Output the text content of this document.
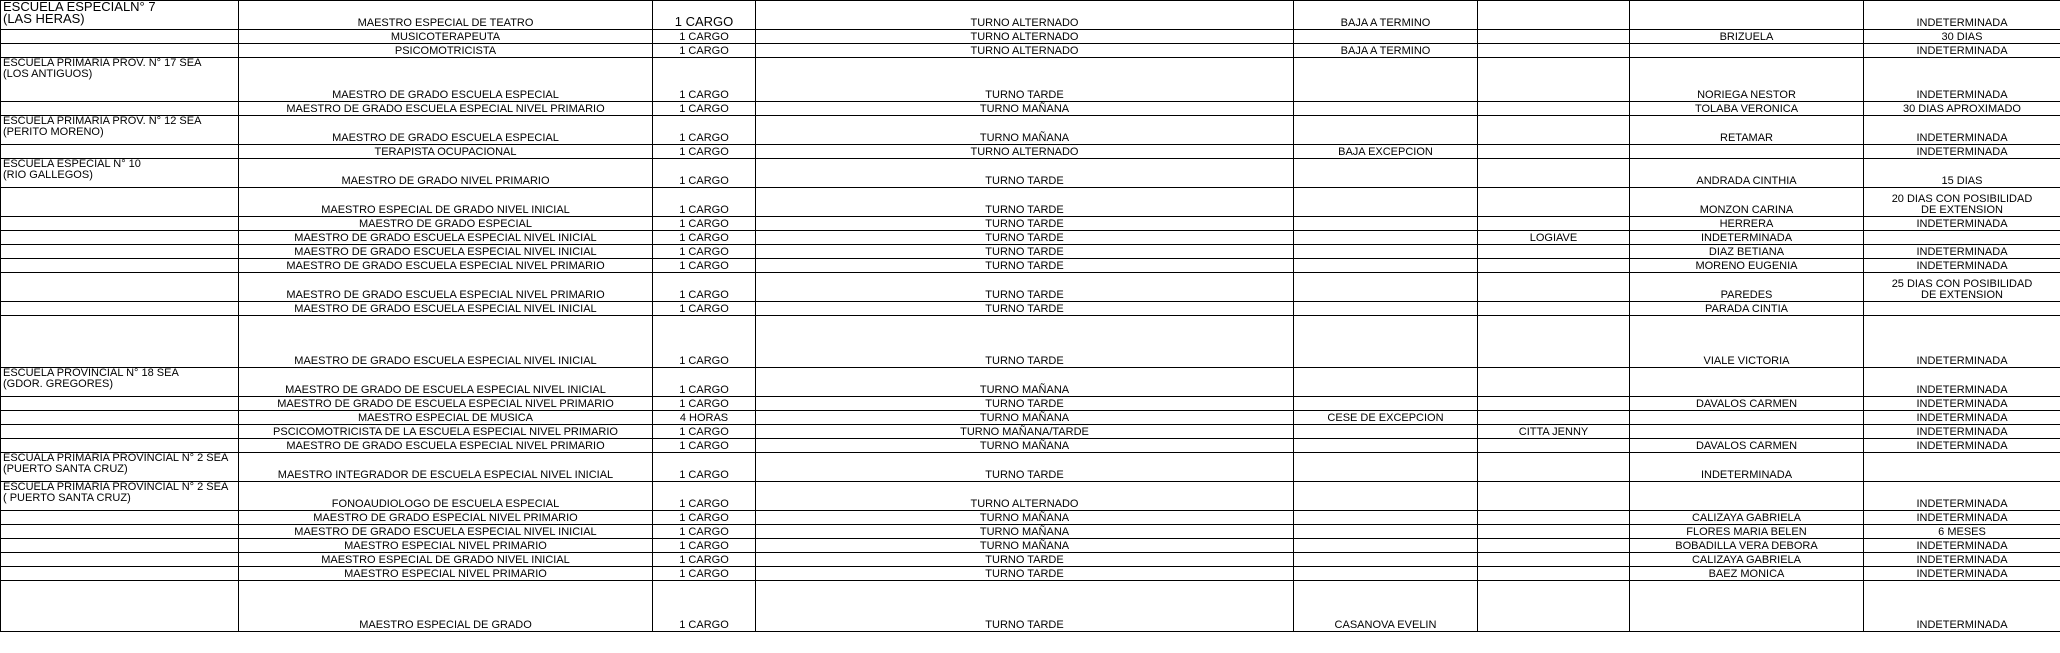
ESCUELA ESPECIALN° 7
(LAS HERAS)	MAESTRO ESPECIAL DE TEATRO	1 CARGO	TURNO ALTERNADO	BAJA A TERMINO			INDETERMINADA

	MUSICOTERAPEUTA	1 CARGO	TURNO ALTERNADO			BRIZUELA	30 DIAS

	PSICOMOTRICISTA	1 CARGO	TURNO ALTERNADO	BAJA A TERMINO			INDETERMINADA

ESCUELA PRIMARIA PROV. N° 17 SEA
(LOS ANTIGUOS)	MAESTRO DE GRADO ESCUELA ESPECIAL	1 CARGO	TURNO TARDE			NORIEGA NESTOR	INDETERMINADA

	MAESTRO DE GRADO ESCUELA ESPECIAL NIVEL PRIMARIO	1 CARGO	TURNO MAÑANA			TOLABA VERONICA	30 DIAS APROXIMADO

ESCUELA PRIMARIA PROV. N° 12 SEA
(PERITO MORENO)	MAESTRO DE GRADO ESCUELA ESPECIAL	1 CARGO	TURNO MAÑANA			RETAMAR	INDETERMINADA

	TERAPISTA OCUPACIONAL	1 CARGO	TURNO ALTERNADO	BAJA EXCEPCION			INDETERMINADA

ESCUELA ESPECIAL N° 10
(RIO GALLEGOS)	MAESTRO DE GRADO NIVEL PRIMARIO	1 CARGO	TURNO TARDE			ANDRADA CINTHIA	15 DIAS

	MAESTRO ESPECIAL DE GRADO NIVEL INICIAL	1 CARGO	TURNO TARDE			MONZON CARINA	20 DIAS CON POSIBILIDAD
DE EXTENSION

	MAESTRO DE GRADO ESPECIAL	1 CARGO	TURNO TARDE			HERRERA	INDETERMINADA

	MAESTRO DE GRADO ESCUELA ESPECIAL NIVEL INICIAL	1 CARGO	TURNO TARDE		LOGIAVE	INDETERMINADA	

	MAESTRO DE GRADO ESCUELA ESPECIAL NIVEL INICIAL	1 CARGO	TURNO TARDE			DIAZ BETIANA	INDETERMINADA

	MAESTRO DE GRADO ESCUELA ESPECIAL NIVEL PRIMARIO	1 CARGO	TURNO TARDE			MORENO EUGENIA	INDETERMINADA

	MAESTRO DE GRADO ESCUELA ESPECIAL NIVEL PRIMARIO	1 CARGO	TURNO TARDE			PAREDES	25 DIAS CON POSIBILIDAD
DE EXTENSION

	MAESTRO DE GRADO ESCUELA ESPECIAL NIVEL INICIAL	1 CARGO	TURNO TARDE			PARADA CINTIA	

	MAESTRO DE GRADO ESCUELA ESPECIAL NIVEL INICIAL	1 CARGO	TURNO TARDE			VIALE VICTORIA	INDETERMINADA

ESCUELA PROVINCIAL N° 18 SEA
(GDOR. GREGORES)	MAESTRO DE GRADO DE ESCUELA ESPECIAL NIVEL INICIAL	1 CARGO	TURNO MAÑANA				INDETERMINADA

	MAESTRO DE GRADO DE ESCUELA ESPECIAL NIVEL PRIMARIO	1 CARGO	TURNO TARDE			DAVALOS CARMEN	INDETERMINADA

	MAESTRO ESPECIAL DE MUSICA	4 HORAS	TURNO MAÑANA	CESE DE EXCEPCION			INDETERMINADA

	PSCICOMOTRICISTA DE LA ESCUELA ESPECIAL NIVEL PRIMARIO	1 CARGO	TURNO MAÑANA/TARDE		CITTA JENNY		INDETERMINADA

	MAESTRO DE GRADO ESCUELA ESPECIAL NIVEL PRIMARIO	1 CARGO	TURNO MAÑANA			DAVALOS CARMEN	INDETERMINADA

ESCUALA PRIMARIA PROVINCIAL N° 2 SEA
(PUERTO SANTA CRUZ)	MAESTRO INTEGRADOR DE ESCUELA ESPECIAL NIVEL INICIAL	1 CARGO	TURNO TARDE			INDETERMINADA	

ESCUELA PRIMARIA PROVINCIAL N° 2 SEA
( PUERTO SANTA CRUZ)	FONOAUDIOLOGO DE ESCUELA ESPECIAL	1 CARGO	TURNO ALTERNADO				INDETERMINADA

	MAESTRO DE GRADO ESPECIAL NIVEL PRIMARIO	1 CARGO	TURNO MAÑANA			CALIZAYA GABRIELA	INDETERMINADA

	MAESTRO DE GRADO ESCUELA ESPECIAL NIVEL INICIAL	1 CARGO	TURNO MAÑANA			FLORES MARIA BELEN	6 MESES

	MAESTRO ESPECIAL NIVEL PRIMARIO	1 CARGO	TURNO MAÑANA			BOBADILLA VERA DEBORA	INDETERMINADA

	MAESTRO ESPECIAL DE GRADO NIVEL INICIAL	1 CARGO	TURNO TARDE			CALIZAYA GABRIELA	INDETERMINADA

	MAESTRO ESPECIAL NIVEL PRIMARIO	1 CARGO	TURNO TARDE			BAEZ MONICA	INDETERMINADA

	MAESTRO ESPECIAL DE GRADO	1 CARGO	TURNO TARDE	CASANOVA EVELIN			INDETERMINADA
